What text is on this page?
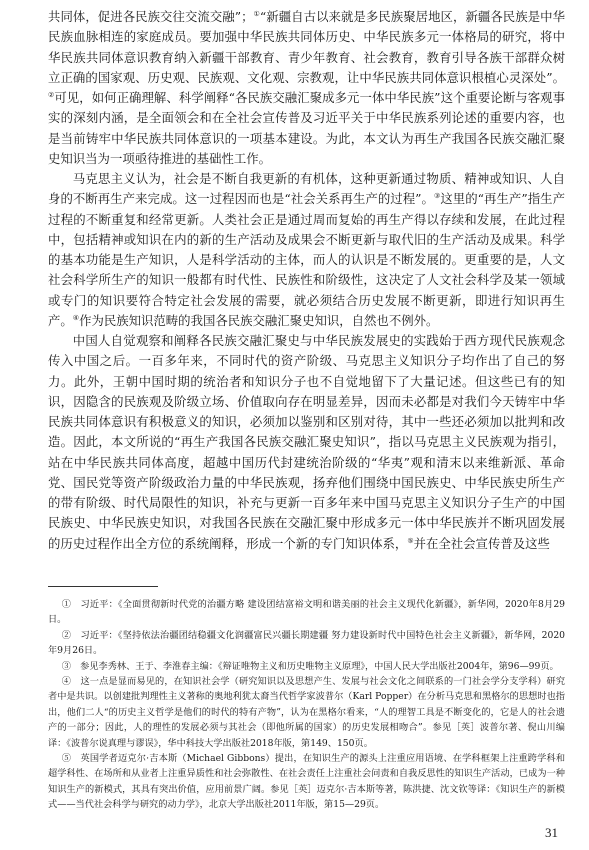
共同体，促进各民族交往交流交融”；①“新疆自古以来就是多民族聚居地区，新疆各民族是中华民族血脉相连的家庭成员。要加强中华民族共同体历史、中华民族多元一体格局的研究，将中华民族共同体意识教育纳入新疆干部教育、青少年教育、社会教育，教育引导各族干部群众树立正确的国家观、历史观、民族观、文化观、宗教观，让中华民族共同体意识根植心灵深处”。②可见，如何正确理解、科学阐释“各民族交融汇聚成多元一体中华民族”这个重要论断与客观事实的深刻内涵，是全面领会和在全社会宣传普及习近平关于中华民族系列论述的重要内容，也是当前铸牢中华民族共同体意识的一项基本建设。为此，本文认为再生产我国各民族交融汇聚史知识当为一项亟待推进的基础性工作。

马克思主义认为，社会是不断自我更新的有机体，这种更新通过物质、精神或知识、人自身的不断再生产来完成。这一过程因而也是“社会关系再生产的过程”。③这里的“再生产”指生产过程的不断重复和经常更新。人类社会正是通过周而复始的再生产得以存续和发展，在此过程中，包括精神或知识在内的新的生产活动及成果会不断更新与取代旧的生产活动及成果。科学的基本功能是生产知识，人是科学活动的主体，而人的认识是不断发展的。更重要的是，人文社会科学所生产的知识一般都有时代性、民族性和阶级性，这决定了人文社会科学及某一领域或专门的知识要符合特定社会发展的需要，就必须结合历史发展不断更新，即进行知识再生产。④作为民族知识范畴的我国各民族交融汇聚史知识，自然也不例外。

中国人自觉观察和阐释各民族交融汇聚史与中华民族发展史的实践始于西方现代民族观念传入中国之后。一百多年来，不同时代的资产阶级、马克思主义知识分子均作出了自己的努力。此外，王朝中国时期的统治者和知识分子也不自觉地留下了大量记述。但这些已有的知识，因隐含的民族观及阶级立场、价值取向存在明显差异，因而未必都是对我们今天铸牢中华民族共同体意识有积极意义的知识，必须加以鉴别和区别对待，其中一些还必须加以批判和改造。因此，本文所说的“再生产我国各民族交融汇聚史知识”，指以马克思主义民族观为指引，站在中华民族共同体高度，超越中国历代封建统治阶级的“华夷”观和清末以来维新派、革命党、国民党等资产阶级政治力量的中华民族观，扬弃他们围绕中国民族史、中华民族史所生产的带有阶级、时代局限性的知识，补充与更新一百多年来中国马克思主义知识分子生产的中国民族史、中华民族史知识，对我国各民族在交融汇聚中形成多元一体中华民族并不断巩固发展的历史过程作出全方位的系统阐释，形成一个新的专门知识体系，⑤并在全社会宣传普及这些

①　 习近平：《全面贯彻新时代党的治疆方略 建设团结富裕文明和谐美丽的社会主义现代化新疆》，新华网，2020年8月29日。

②　 习近平：《坚持依法治疆团结稳疆文化润疆富民兴疆长期建疆 努力建设新时代中国特色社会主义新疆》，新华网，2020年9月26日。

③　 参见李秀林、王于、李淮春主编：《辩证唯物主义和历史唯物主义原理》，中国人民大学出版社2004年，第96—99页。

④　 这一点是显而易见的，在知识社会学（研究知识以及思想产生、发展与社会文化之间联系的一门社会学分支学科）研究者中是共识。以创建批判理性主义著称的奥地利犹太裔当代哲学家波普尔（Karl Popper）在分析马克思和黑格尔的思想时也指出，他们二人“的历史主义哲学是他们的时代的特有产物”，认为在黑格尔看来，“人的理智工具是不断变化的，它是人的社会遗产的一部分；因此，人的理性的发展必须与其社会（即他所属的国家）的历史发展相吻合”。参见［英］波普尔著、倪山川编译：《波普尔说真理与谬误》，华中科技大学出版社2018年版，第149、150页。

⑤　 英国学者迈克尔·吉本斯（Michael Gibbons）提出，在知识生产的源头上注重应用语境、在学科框架上注重跨学科和超学科性、在场所和从业者上注重异质性和社会弥散性、在社会责任上注重社会问责和自我反思性的知识生产活动，已成为一种知识生产的新模式，其具有突出价值，应用前景广阔。参见［英］迈克尔·吉本斯等著，陈洪捷、沈文钦等译：《知识生产的新模式——当代社会科学与研究的动力学》，北京大学出版社2011年版，第15—29页。

31
